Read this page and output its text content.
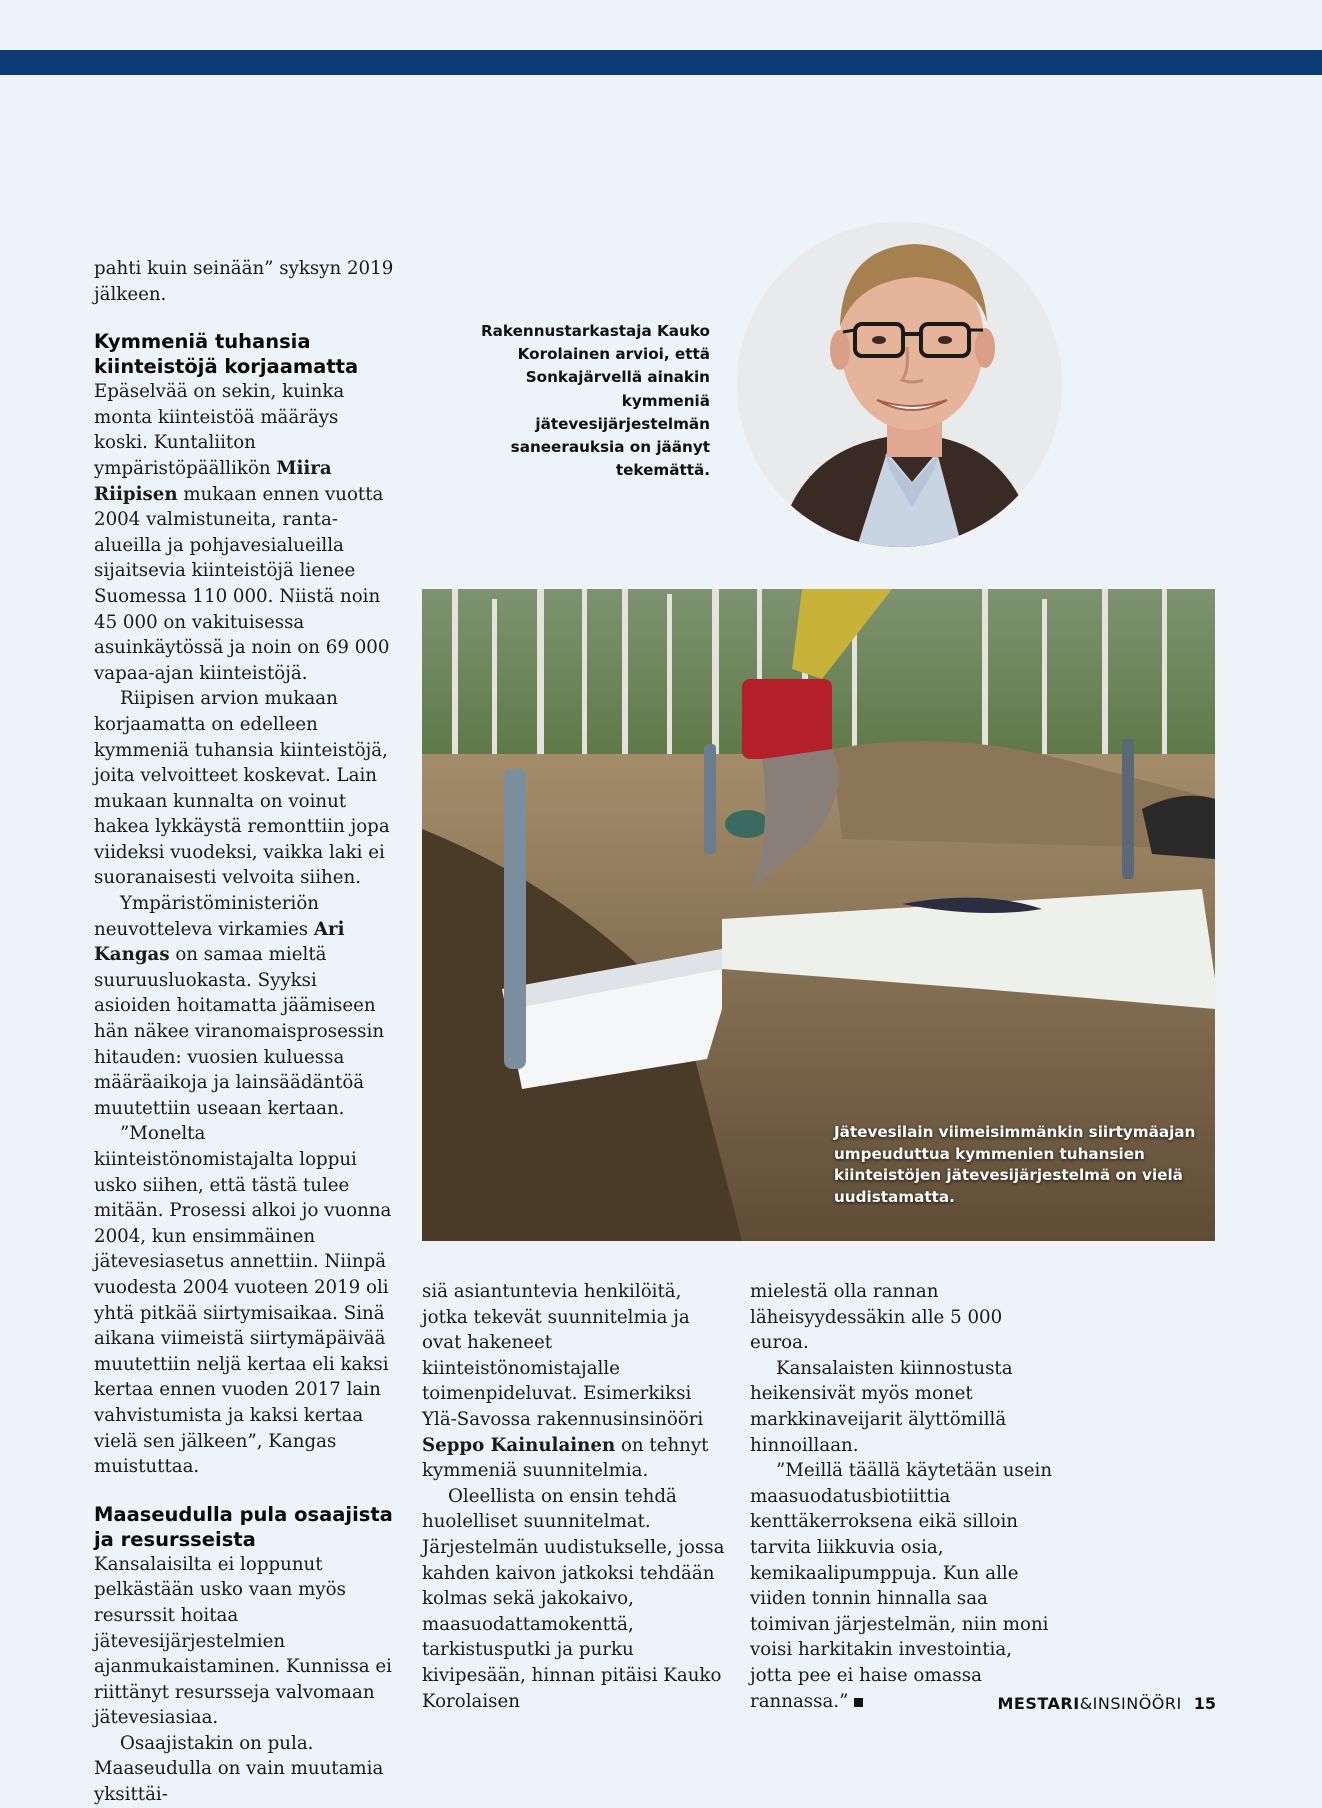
pahti kuin seinään” syksyn 2019 jälkeen.

Kymmeniä tuhansia kiinteistöjä korjaamatta

Epäselvää on sekin, kuinka monta kiinteistöä määräys koski. Kuntaliiton ympäristöpäällikön Miira Riipisen mukaan ennen vuotta 2004 valmistuneita, ranta-alueilla ja pohjavesialueilla sijaitsevia kiinteistöjä lienee Suomessa 110 000. Niistä noin 45 000 on vakituisessa asuinkäytössä ja noin on 69 000 vapaa-ajan kiinteistöjä.

Riipisen arvion mukaan korjaamatta on edelleen kymmeniä tuhansia kiinteistöjä, joita velvoitteet koskevat. Lain mukaan kunnalta on voinut hakea lykkäystä remonttiin jopa viideksi vuodeksi, vaikka laki ei suoranaisesti velvoita siihen.

Ympäristöministeriön neuvotteleva virkamies Ari Kangas on samaa mieltä suuruusluokasta. Syyksi asioiden hoitamatta jäämiseen hän näkee viranomaisprosessin hitauden: vuosien kuluessa määräaikoja ja lainsäädäntöä muutettiin useaan kertaan.

”Monelta kiinteistönomistajalta loppui usko siihen, että tästä tulee mitään. Prosessi alkoi jo vuonna 2004, kun ensimmäinen jätevesiasetus annettiin. Niinpä vuodesta 2004 vuoteen 2019 oli yhtä pitkää siirtymisaikaa. Sinä aikana viimeistä siirtymäpäivää muutettiin neljä kertaa eli kaksi kertaa ennen vuoden 2017 lain vahvistumista ja kaksi kertaa vielä sen jälkeen”, Kangas muistuttaa.

Maaseudulla pula osaajista ja resursseista

Kansalaisilta ei loppunut pelkästään usko vaan myös resurssit hoitaa jätevesijärjestelmien ajanmukaistaminen. Kunnissa ei riittänyt resursseja valvomaan jätevesiasiaa.

Osaajistakin on pula. Maaseudulla on vain muutamia yksittäi-

Rakennustarkastaja Kauko Korolainen arvioi, että Sonkajärvellä ainakin kymmeniä jätevesijärjestelmän saneerauksia on jäänyt tekemättä.
Jätevesilain viimeisimmänkin siirtymäajan umpeuduttua kymmenien tuhansien kiinteistöjen jätevesijärjestelmä on vielä uudistamatta.

siä asiantuntevia henkilöitä, jotka tekevät suunnitelmia ja ovat hakeneet kiinteistönomistajalle toimenpideluvat. Esimerkiksi Ylä-Savossa rakennusinsinööri Seppo Kainulainen on tehnyt kymmeniä suunnitelmia.

Oleellista on ensin tehdä huolelliset suunnitelmat. Järjestelmän uudistukselle, jossa kahden kaivon jatkoksi tehdään kolmas sekä jakokaivo, maasuodattamokenttä, tarkistusputki ja purku kivipesään, hinnan pitäisi Kauko Korolaisen

mielestä olla rannan läheisyydessäkin alle 5 000 euroa.

Kansalaisten kiinnostusta heikensivät myös monet markkinaveijarit älyttömillä hinnoillaan.

”Meillä täällä käytetään usein maasuodatusbiotiittia kenttäkerroksena eikä silloin tarvita liikkuvia osia, kemikaalipumppuja. Kun alle viiden tonnin hinnalla saa toimivan järjestelmän, niin moni voisi harkitakin investointia, jotta pee ei haise omassa rannassa.”	MESTARI&INSINÖÖRI 15
